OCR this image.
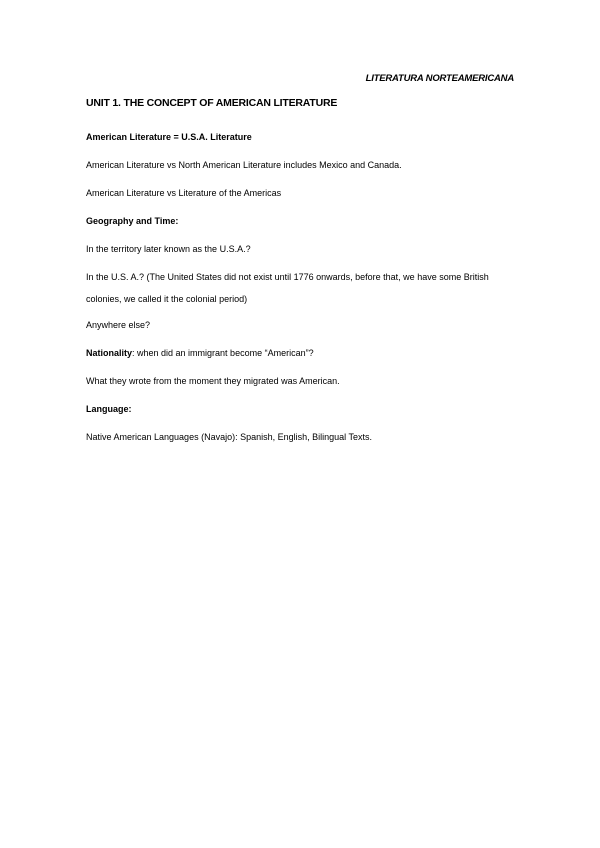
LITERATURA NORTEAMERICANA
UNIT 1. THE CONCEPT OF AMERICAN LITERATURE
American Literature = U.S.A. Literature
American Literature vs North American Literature includes Mexico and Canada.
American Literature vs Literature of the Americas
Geography and Time:
In the territory later known as the U.S.A.?
In the U.S. A.? (The United States did not exist until 1776 onwards, before that, we have some British colonies, we called it the colonial period)
Anywhere else?
Nationality: when did an immigrant become “American”?
What they wrote from the moment they migrated was American.
Language:
Native American Languages (Navajo): Spanish, English, Bilingual Texts.
